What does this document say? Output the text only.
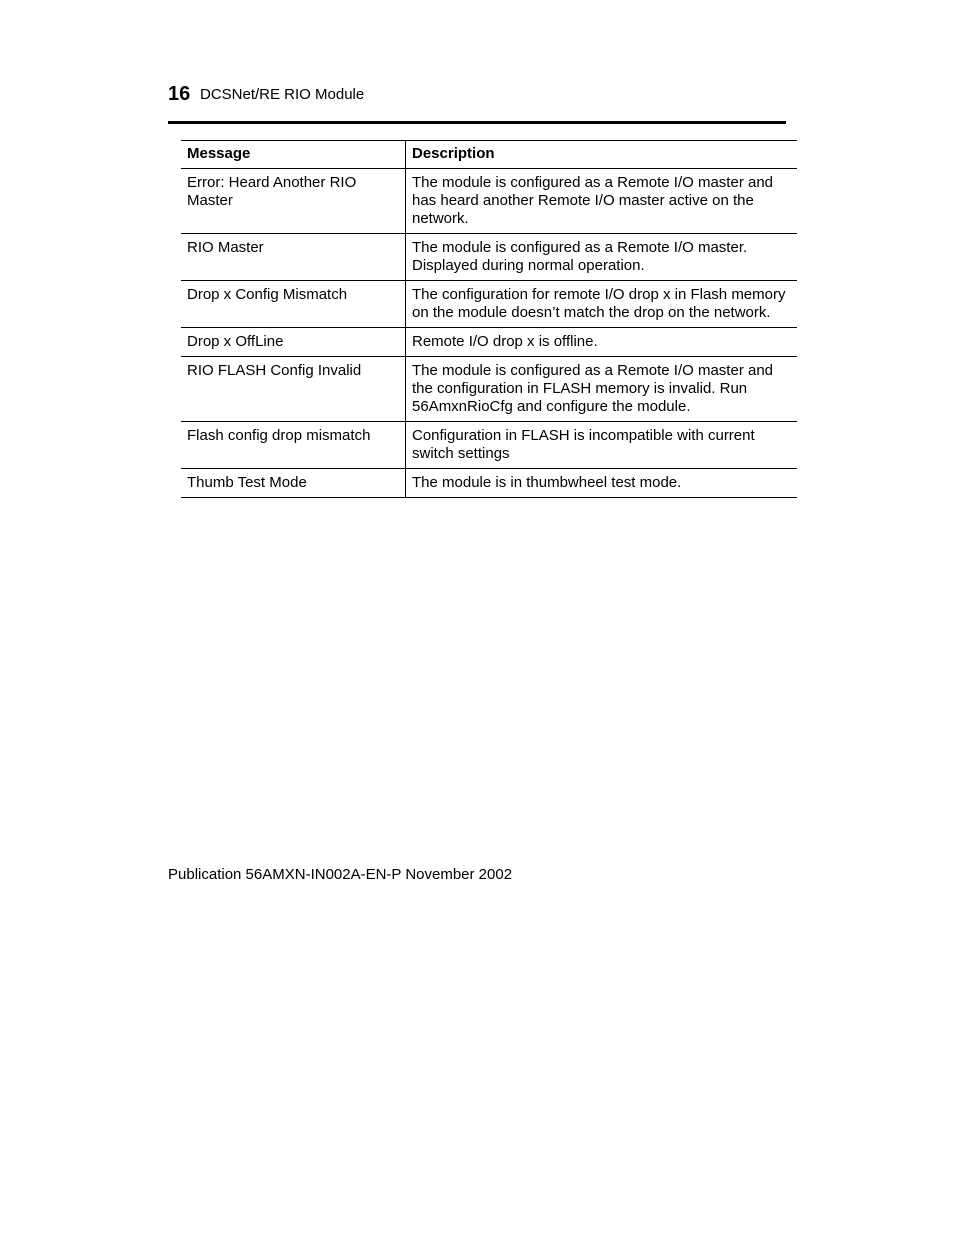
16 DCSNet/RE RIO Module
Message	Description
Error: Heard Another RIO Master	The module is configured as a Remote I/O master and has heard another Remote I/O master active on the network.
RIO Master	The module is configured as a Remote I/O master. Displayed during normal operation.
Drop x Config Mismatch	The configuration for remote I/O drop x in Flash memory on the module doesn’t match the drop on the network.
Drop x OffLine	Remote I/O drop x is offline.
RIO FLASH Config Invalid	The module is configured as a Remote I/O master and the configuration in FLASH memory is invalid. Run 56AmxnRioCfg and configure the module.
Flash config drop mismatch	Configuration in FLASH is incompatible with current switch settings
Thumb Test Mode	The module is in thumbwheel test mode.
Publication 56AMXN-IN002A-EN-P November 2002
